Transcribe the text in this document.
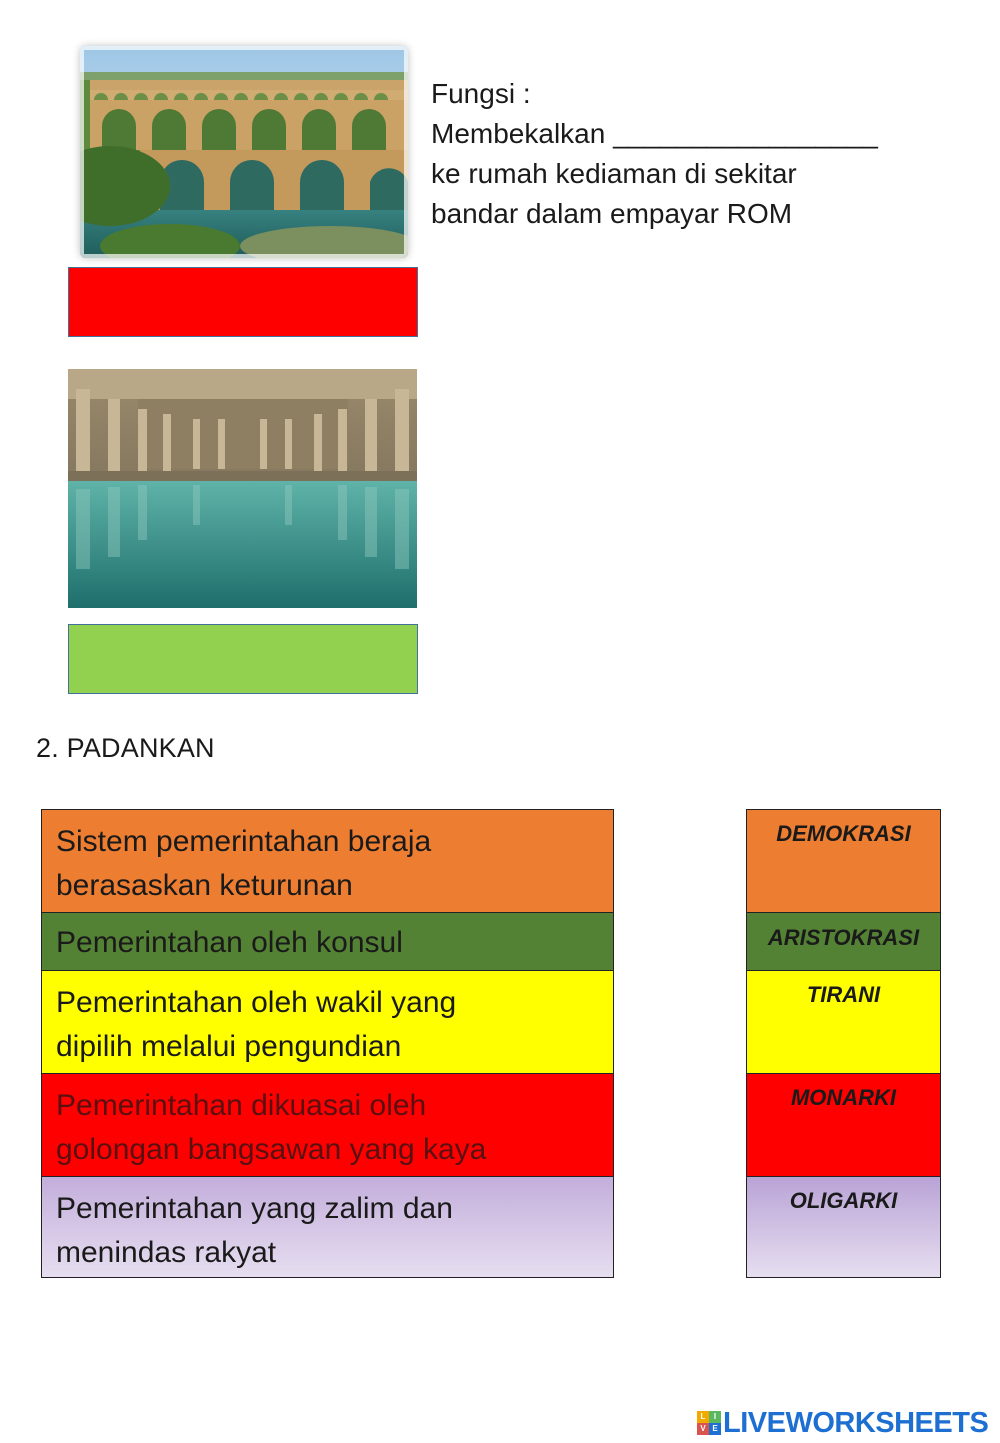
Fungsi :
Membekalkan _________________
ke rumah kediaman di sekitar
bandar dalam empayar ROM
2. PADANKAN
Sistem pemerintahan beraja
berasaskan keturunan
Pemerintahan oleh konsul
Pemerintahan oleh wakil yang
dipilih melalui pengundian
Pemerintahan dikuasai oleh
golongan bangsawan yang kaya
Pemerintahan yang zalim dan
menindas rakyat
DEMOKRASI
ARISTOKRASI
TIRANI
MONARKI
OLIGARKI
L	I
V E LIVEWORKSHEETS
